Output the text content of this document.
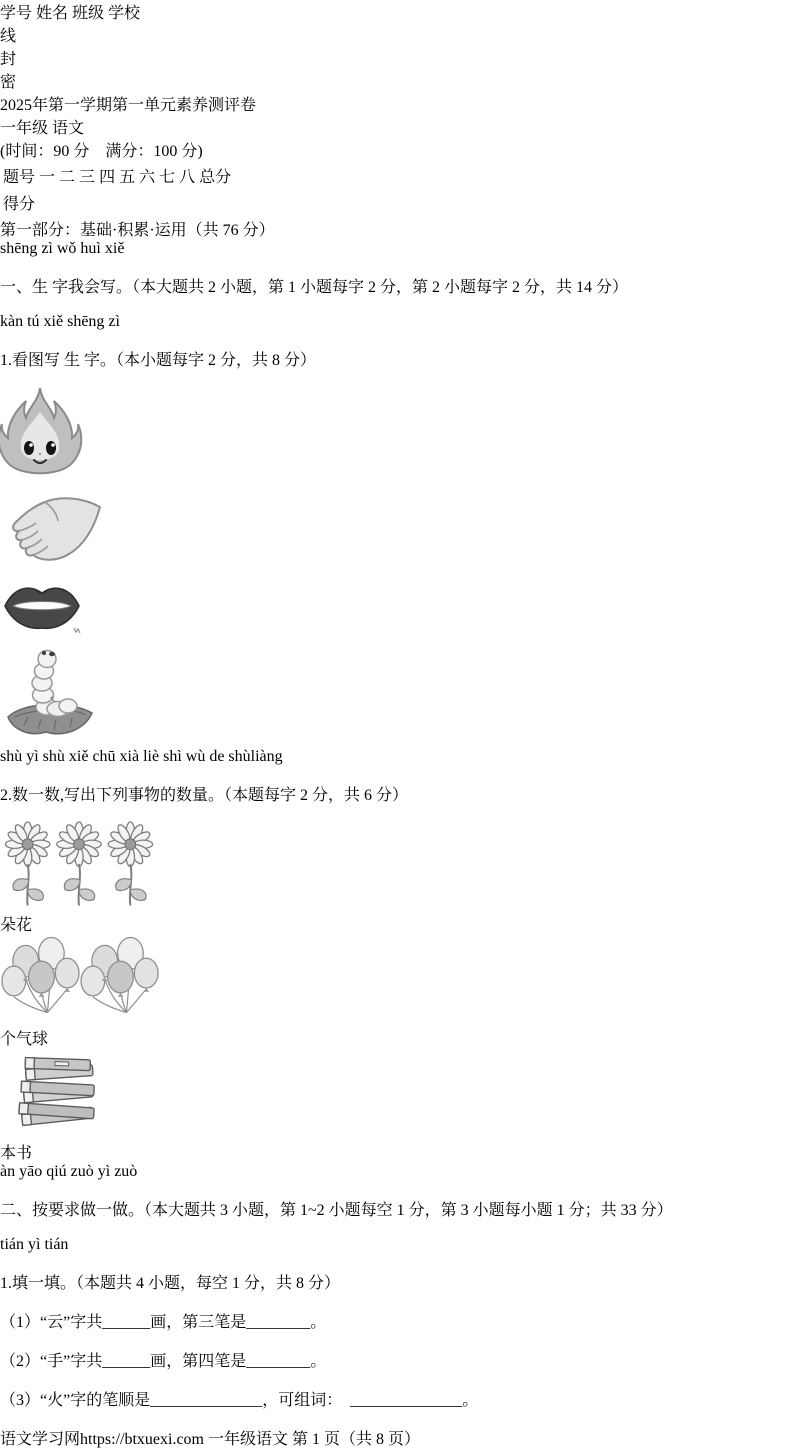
学号 姓名 班级 学校
线
封
密
2025年第一学期第一单元素养测评卷
一年级 语文
(时间：90 分　满分：100 分)
题号	一	二	三	四	五	六	七	八	总分
得分									
第一部分：基础·积累·运用（共 76 分）
shēng zì wǒ huì xiě

一、生 字我会写。（本大题共 2 小题，第 1 小题每字 2 分，第 2 小题每字 2 分，共 14 分）

kàn tú xiě shēng zì

1.看图写 生 字。（本小题每字 2 分，共 8 分）

shù yì shù xiě chū xià liè shì wù de shùliàng

2.数一数,写出下列事物的数量。（本题每字 2 分，共 6 分）

朵花
个气球
本书
àn yāo qiú zuò yì zuò

二、按要求做一做。（本大题共 3 小题，第 1~2 小题每空 1 分，第 3 小题每小题 1 分；共 33 分）

tián yì tián

1.填一填。（本题共 4 小题，每空 1 分，共 8 分）

（1）“云”字共______画，第三笔是________。

（2）“手”字共______画，第四笔是________。

（3）“火”字的笔顺是______________，可组词：　______________。

语文学习网https://btxuexi.com 一年级语文 第 1 页（共 8 页）
